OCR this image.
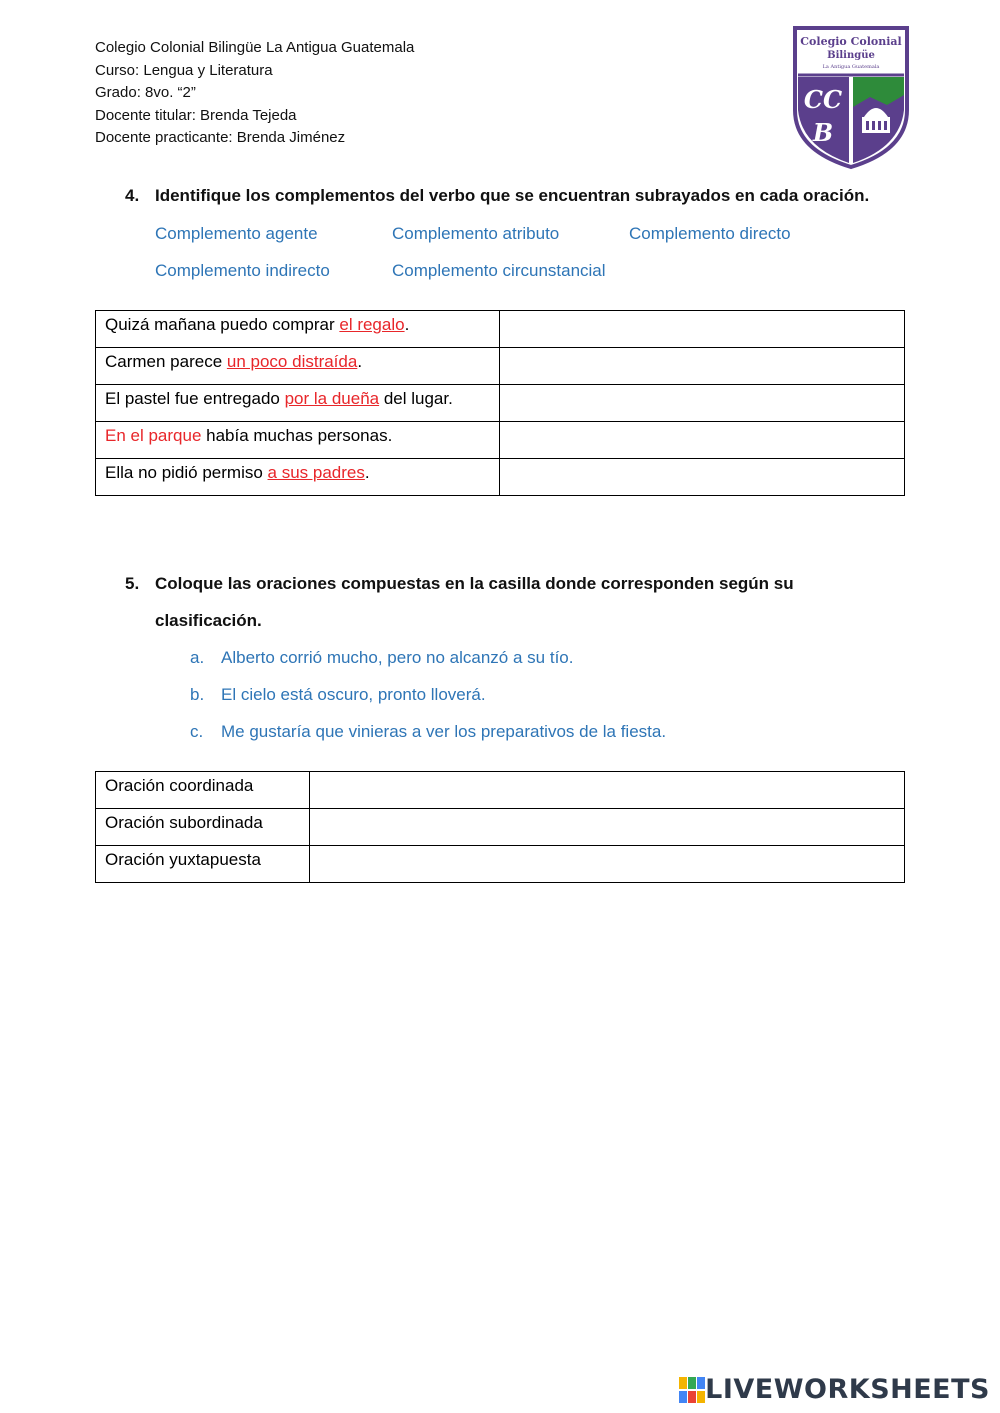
Colegio Colonial Bilingüe La Antigua Guatemala
Curso: Lengua y Literatura
Grado: 8vo. “2”
Docente titular: Brenda Tejeda
Docente practicante: Brenda Jiménez
Colegio Colonial
Bilingüe
La Antigua Guatemala
CC
B
4. Identifique los complementos del verbo que se encuentran subrayados en cada oración.
Complemento agente	Complemento atributo	Complemento directo
Complemento indirecto	Complemento circunstancial
Quizá mañana puedo comprar el regalo.	
Carmen parece un poco distraída.	
El pastel fue entregado por la dueña del lugar.	
En el parque había muchas personas.	
Ella no pidió permiso a sus padres.	
5. Coloque las oraciones compuestas en la casilla donde corresponden según su
clasificación.
a. Alberto corrió mucho, pero no alcanzó a su tío.
b. El cielo está oscuro, pronto lloverá.
c. Me gustaría que vinieras a ver los preparativos de la fiesta.
Oración coordinada	
Oración subordinada	
Oración yuxtapuesta	
LIVEWORKSHEETS
